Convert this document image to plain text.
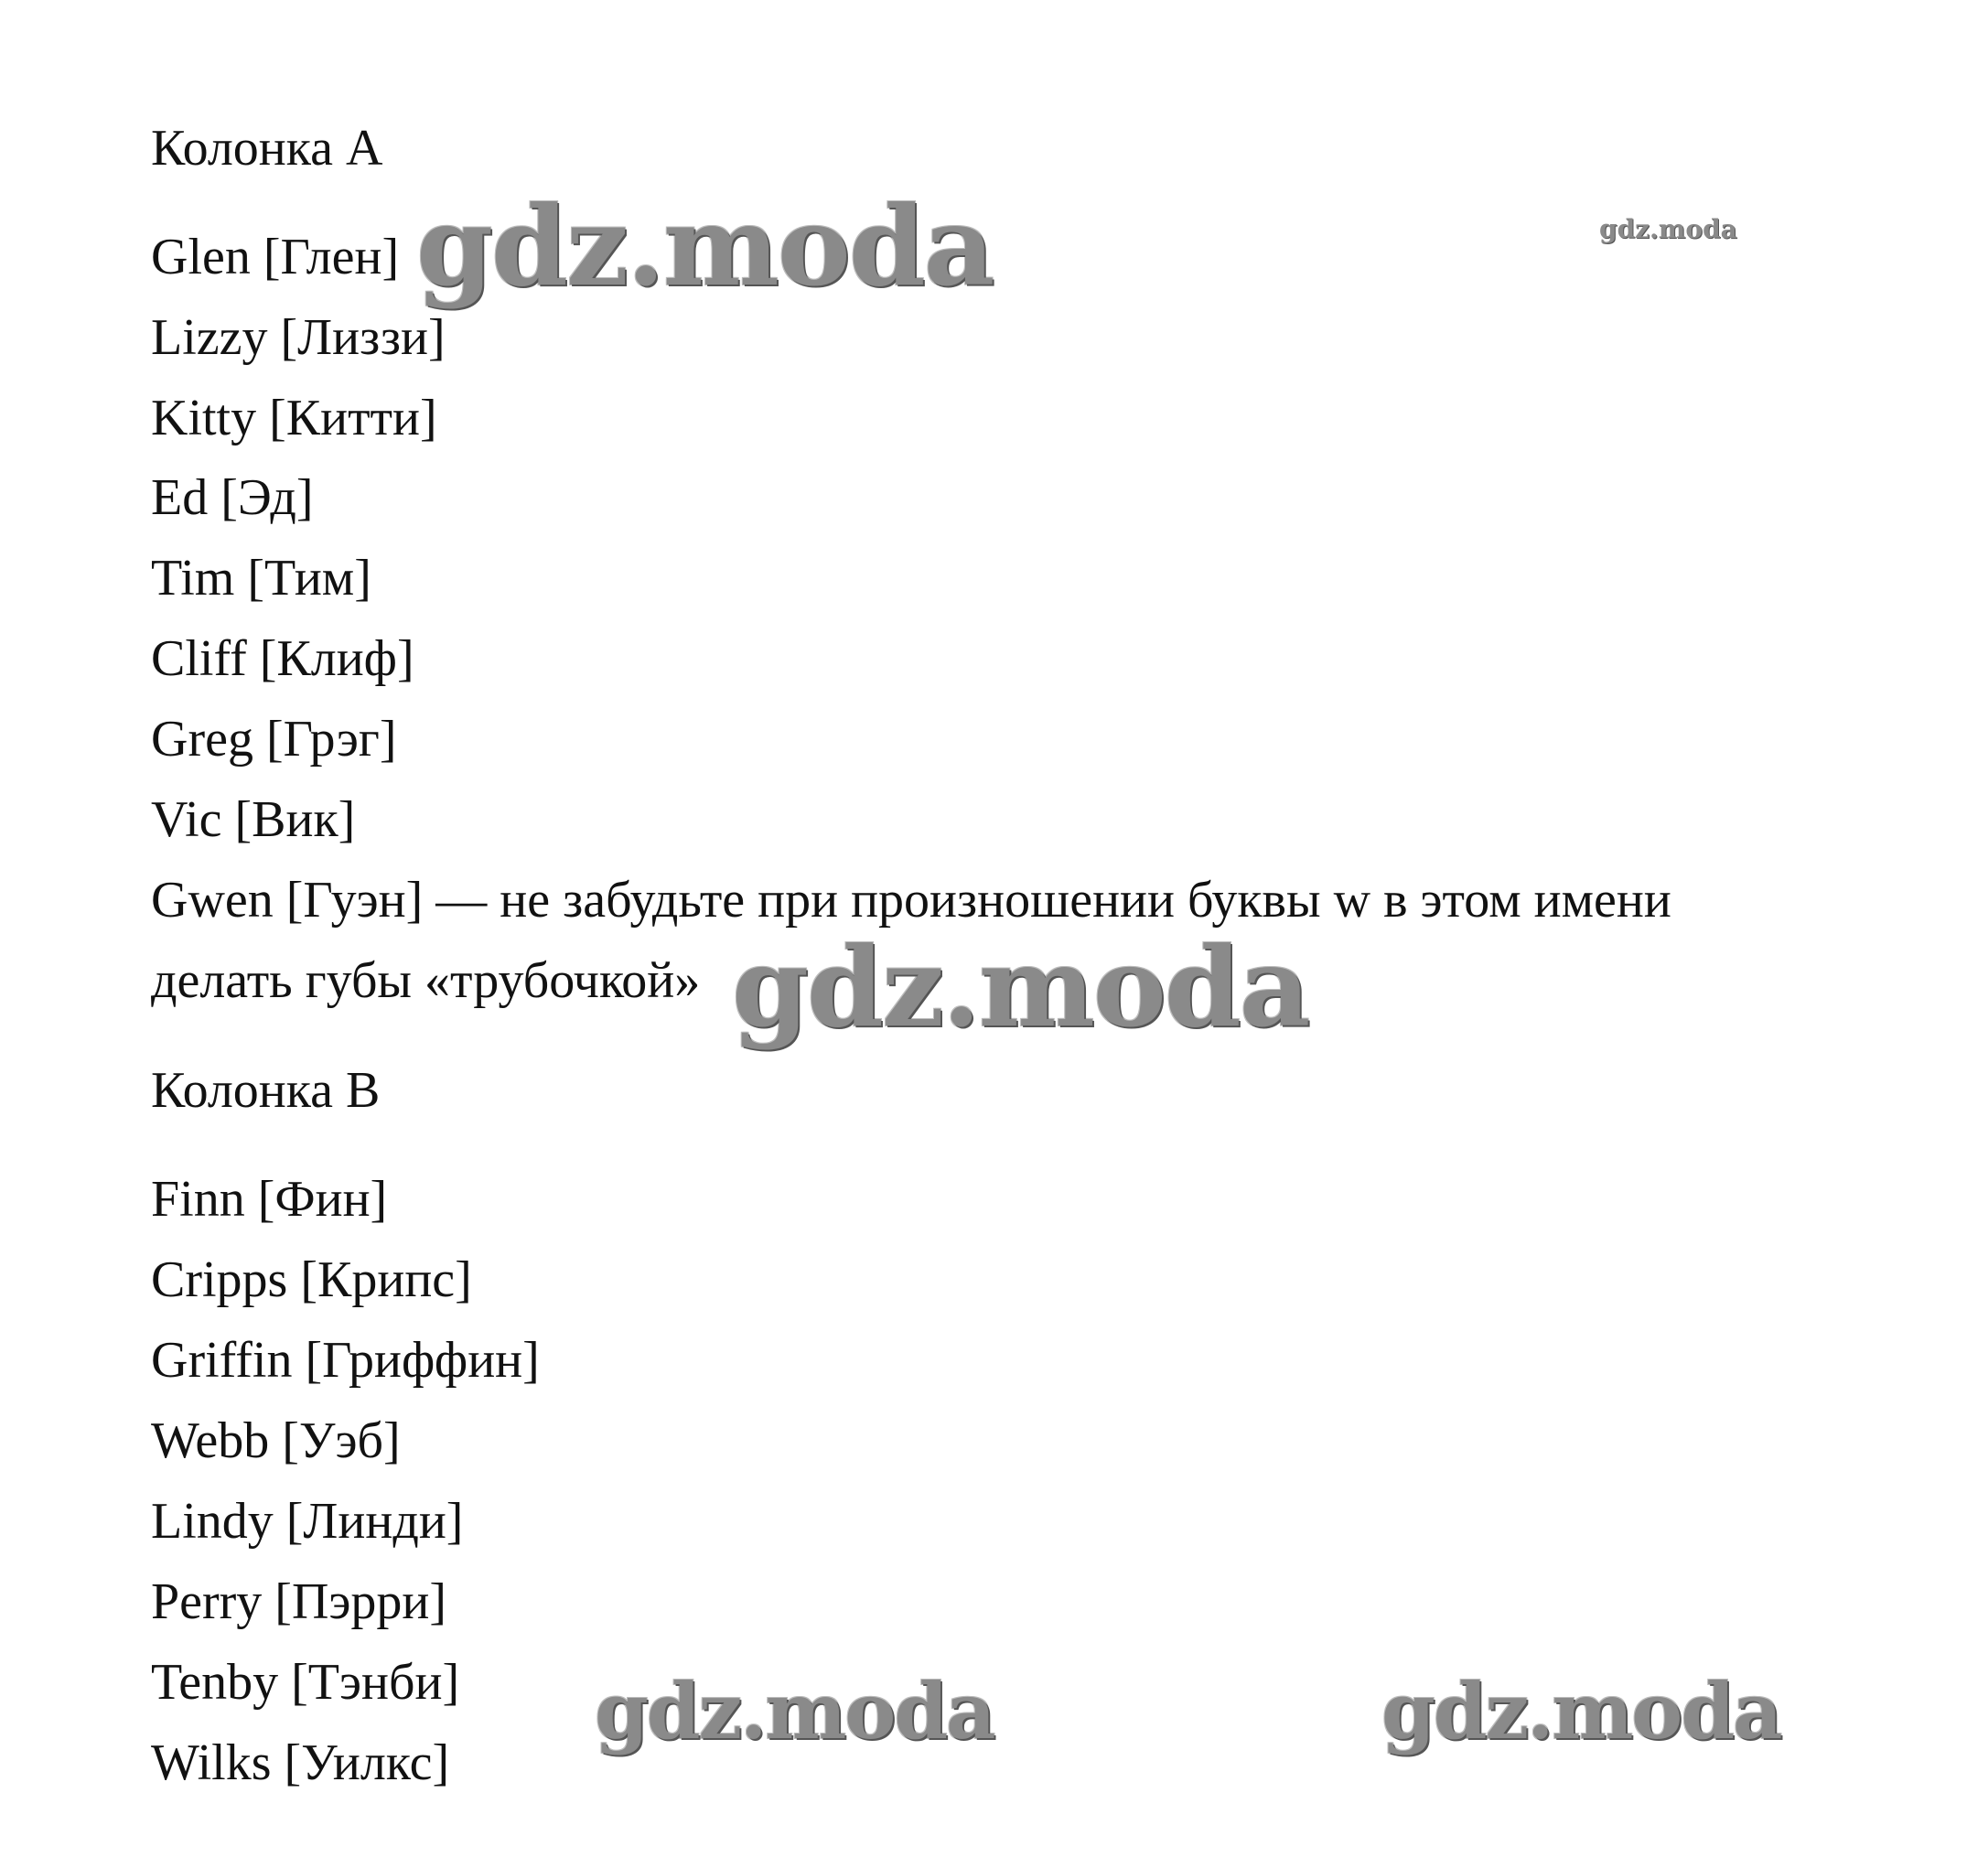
Колонка А
Glen [Глен]
Lizzy [Лиззи]
Kitty [Китти]
Ed [Эд]
Tim [Тим]
Cliff [Клиф]
Greg [Грэг]
Vic [Вик]
Gwen [Гуэн] — не забудьте при произношении буквы w в этом имени
делать губы «трубочкой»
Колонка В
Finn [Фин]
Cripps [Крипс]
Griffin [Гриффин]
Webb [Уэб]
Lindy [Линди]
Perry [Пэрри]
Tenby [Тэнби]
Wilks [Уилкс]
gdz.moda	gdz.moda
gdz.moda
gdz.moda	gdz.moda
